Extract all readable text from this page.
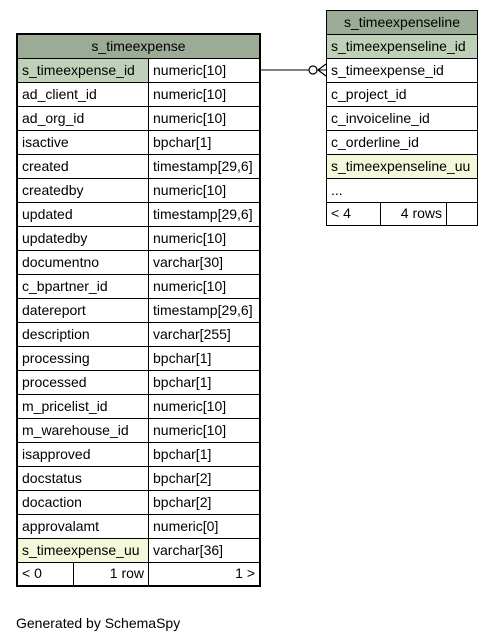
s_timeexpense
s_timeexpense_id	numeric[10]
ad_client_id	numeric[10]
ad_org_id	numeric[10]
isactive	bpchar[1]
created	timestamp[29,6]
createdby	numeric[10]
updated	timestamp[29,6]
updatedby	numeric[10]
documentno	varchar[30]
c_bpartner_id	numeric[10]
datereport	timestamp[29,6]
description	varchar[255]
processing	bpchar[1]
processed	bpchar[1]
m_pricelist_id	numeric[10]
m_warehouse_id	numeric[10]
isapproved	bpchar[1]
docstatus	bpchar[2]
docaction	bpchar[2]
approvalamt	numeric[0]
s_timeexpense_uu varchar[36]
< 0	1 row	1 >
s_timeexpenseline
s_timeexpenseline_id
s_timeexpense_id
c_project_id
c_invoiceline_id
c_orderline_id
s_timeexpenseline_uu
...
< 4	4 rows
Generated by SchemaSpy
